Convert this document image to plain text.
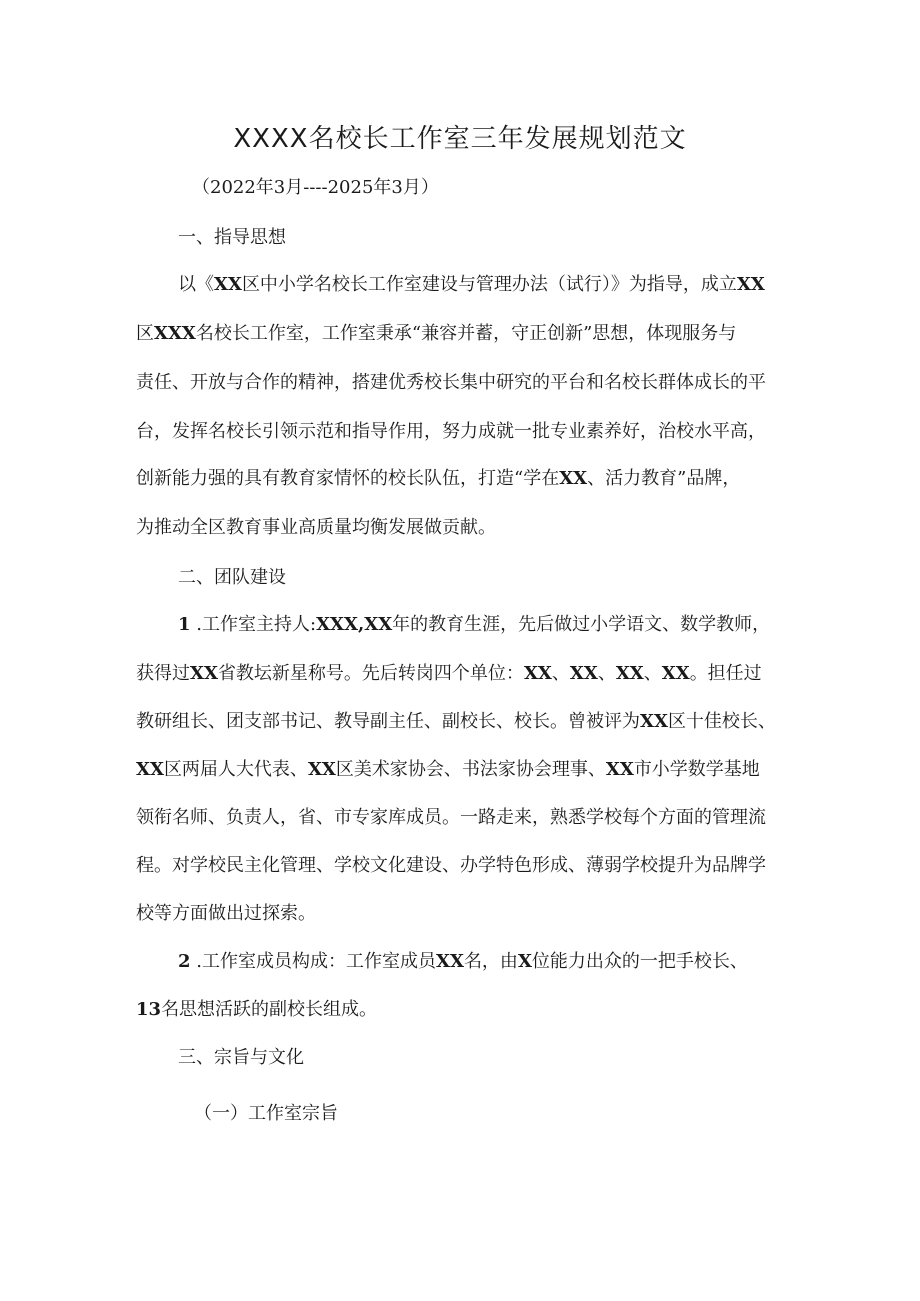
XXXX名校长工作室三年发展规划范文

（2022年3月----2025年3月）

一、指导思想

以《XX区中小学名校长工作室建设与管理办法（试行）》为指导，成立XX

区XXX名校长工作室，工作室秉承“兼容并蓄，守正创新”思想，体现服务与

责任、开放与合作的精神，搭建优秀校长集中研究的平台和名校长群体成长的平

台，发挥名校长引领示范和指导作用，努力成就一批专业素养好，治校水平高，

创新能力强的具有教育家情怀的校长队伍，打造“学在XX、活力教育”品牌，

为推动全区教育事业高质量均衡发展做贡献。

二、团队建设

1 .工作室主持人:XXX,XX年的教育生涯，先后做过小学语文、数学教师，

获得过XX省教坛新星称号。先后转岗四个单位：XX、XX、XX、XX。担任过

教研组长、团支部书记、教导副主任、副校长、校长。曾被评为XX区十佳校长、

XX区两届人大代表、XX区美术家协会、书法家协会理事、XX市小学数学基地

领衔名师、负责人，省、市专家库成员。一路走来，熟悉学校每个方面的管理流

程。对学校民主化管理、学校文化建设、办学特色形成、薄弱学校提升为品牌学

校等方面做出过探索。

2 .工作室成员构成：工作室成员XX名，由X位能力出众的一把手校长、

13名思想活跃的副校长组成。

三、宗旨与文化

（一）工作室宗旨
